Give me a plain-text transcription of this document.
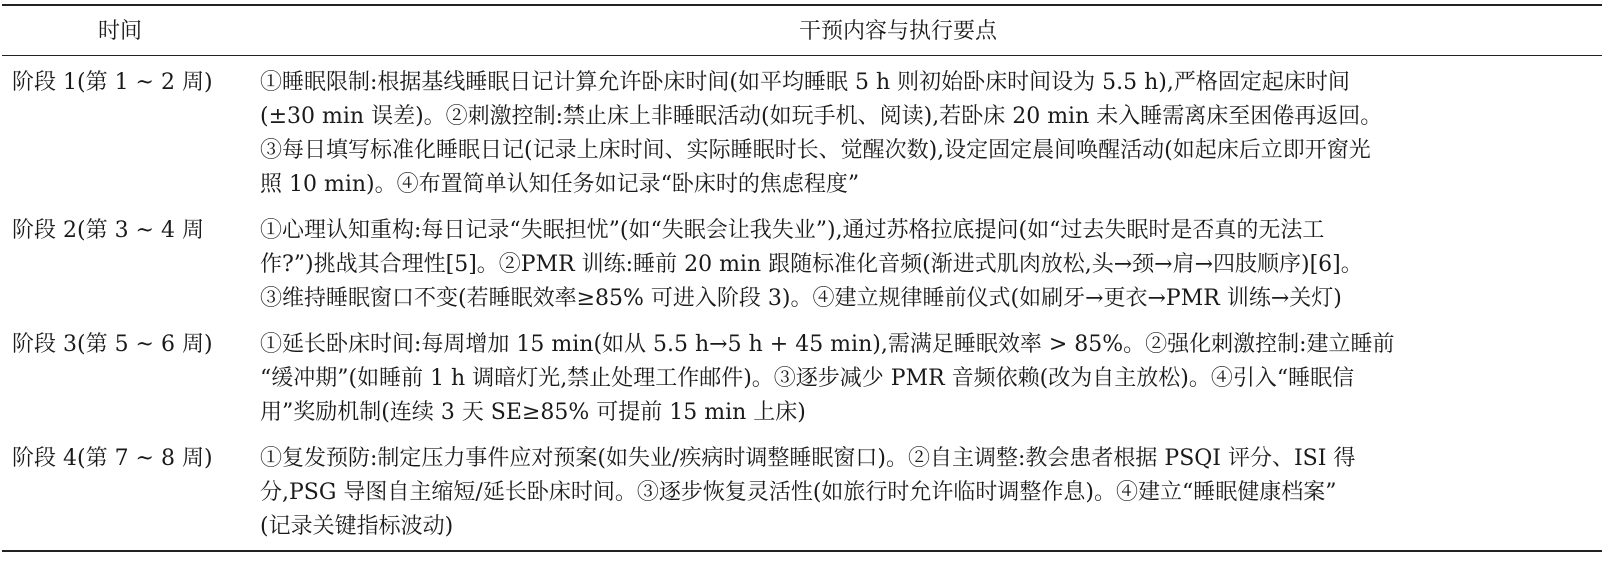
时间	干预内容与执行要点
阶段 1(第 1 ~ 2 周) ①睡眠限制:根据基线睡眠日记计算允许卧床时间(如平均睡眠 5 h 则初始卧床时间设为 5.5 h),严格固定起床时间
(±30 min 误差)。②刺激控制:禁止床上非睡眠活动(如玩手机、阅读),若卧床 20 min 未入睡需离床至困倦再返回。
③每日填写标准化睡眠日记(记录上床时间、实际睡眠时长、觉醒次数),设定固定晨间唤醒活动(如起床后立即开窗光
照 10 min)。④布置简单认知任务如记录“卧床时的焦虑程度”
阶段 2(第 3 ~ 4 周	①心理认知重构:每日记录“失眠担忧”(如“失眠会让我失业”),通过苏格拉底提问(如“过去失眠时是否真的无法工
作?”)挑战其合理性[5]。②PMR 训练:睡前 20 min 跟随标准化音频(渐进式肌肉放松,头→颈→肩→四肢顺序)[6]。
③维持睡眠窗口不变(若睡眠效率≥85% 可进入阶段 3)。④建立规律睡前仪式(如刷牙→更衣→PMR 训练→关灯)
阶段 3(第 5 ~ 6 周) ①延长卧床时间:每周增加 15 min(如从 5.5 h→5 h + 45 min),需满足睡眠效率 > 85%。②强化刺激控制:建立睡前
“缓冲期”(如睡前 1 h 调暗灯光,禁止处理工作邮件)。③逐步减少 PMR 音频依赖(改为自主放松)。④引入“睡眠信
用”奖励机制(连续 3 天 SE≥85% 可提前 15 min 上床)
阶段 4(第 7 ~ 8 周) ①复发预防:制定压力事件应对预案(如失业/疾病时调整睡眠窗口)。②自主调整:教会患者根据 PSQI 评分、ISI 得
分,PSG 导图自主缩短/延长卧床时间。③逐步恢复灵活性(如旅行时允许临时调整作息)。④建立“睡眠健康档案”
(记录关键指标波动)
